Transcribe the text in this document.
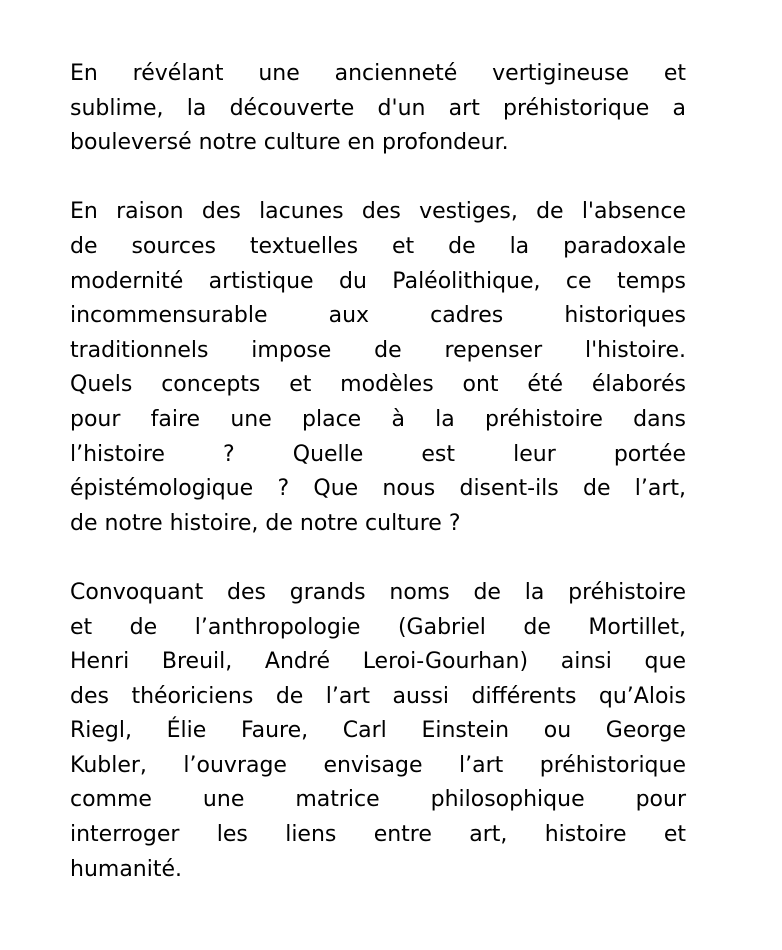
En révélant une ancienneté vertigineuse et
sublime, la découverte d'un art préhistorique a
bouleversé notre culture en profondeur.
En raison des lacunes des vestiges, de l'absence
de sources textuelles et de la paradoxale
modernité artistique du Paléolithique, ce temps
incommensurable aux cadres historiques
traditionnels impose de repenser l'histoire.
Quels concepts et modèles ont été élaborés
pour faire une place à la préhistoire dans
l’histoire ? Quelle est leur portée
épistémologique ? Que nous disent-ils de l’art,
de notre histoire, de notre culture ?
Convoquant des grands noms de la préhistoire
et de l’anthropologie (Gabriel de Mortillet,
Henri Breuil, André Leroi-Gourhan) ainsi que
des théoriciens de l’art aussi différents qu’Alois
Riegl, Élie Faure, Carl Einstein ou George
Kubler, l’ouvrage envisage l’art préhistorique
comme une matrice philosophique pour
interroger les liens entre art, histoire et
humanité.
